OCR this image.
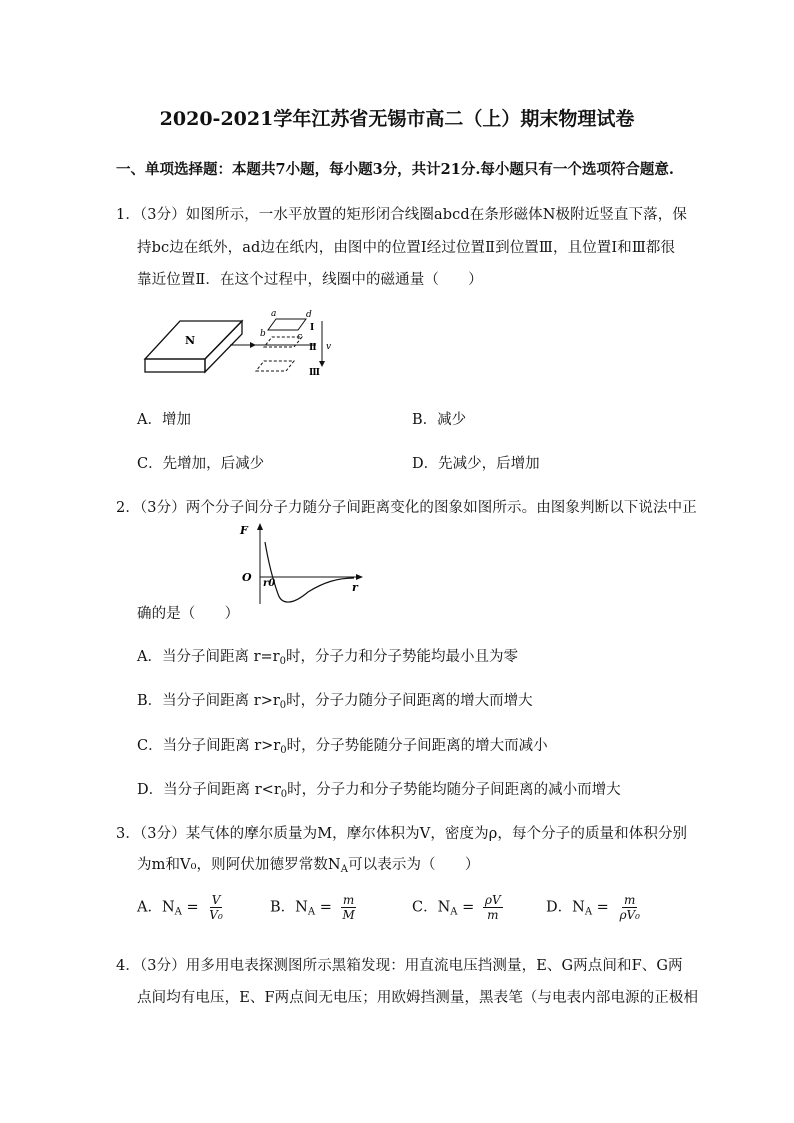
2020-2021学年江苏省无锡市高二（上）期末物理试卷
一、单项选择题：本题共7小题，每小题3分，共计21分.每小题只有一个选项符合题意.
1．（3分）如图所示，一水平放置的矩形闭合线圈abcd在条形磁体N极附近竖直下落，保
持bc边在纸外，ad边在纸内，由图中的位置Ⅰ经过位置Ⅱ到位置Ⅲ，且位置Ⅰ和Ⅲ都很
靠近位置Ⅱ．在这个过程中，线圈中的磁通量（　　）
N
a
b	c
d
Ⅰ
Ⅱ
Ⅲ
v
A．增加	B．减少
C．先增加，后减少	D．先减少，后增加
2．（3分）两个分子间分子力随分子间距离变化的图象如图所示。由图象判断以下说法中正
F
O r0	r
确的是（　　）
A．当分子间距离 $r=r_0$时，分子力和分子势能均最小且为零
B．当分子间距离 $r>r_0$时，分子力随分子间距离的增大而增大
C．当分子间距离 $r>r_0$时，分子势能随分子间距离的增大而减小
D．当分子间距离 $r<r_0$时，分子力和分子势能均随分子间距离的减小而增大
3．（3分）某气体的摩尔质量为M，摩尔体积为V，密度为ρ，每个分子的质量和体积分别
为m和V₀，则阿伏加德罗常数$N_A$可以表示为（　　）
A．$N_A = \frac{V}{\text{V₀}}$	B．$N_A = \frac{m}{M}$	C．$N_A = \frac{\rho V}{m}$	D．$N_A = \frac{m}{\text{ρV₀}}$
4．（3分）用多用电表探测图所示黑箱发现：用直流电压挡测量，E、G两点间和F、G两
点间均有电压，E、F两点间无电压；用欧姆挡测量，黑表笔（与电表内部电源的正极相
